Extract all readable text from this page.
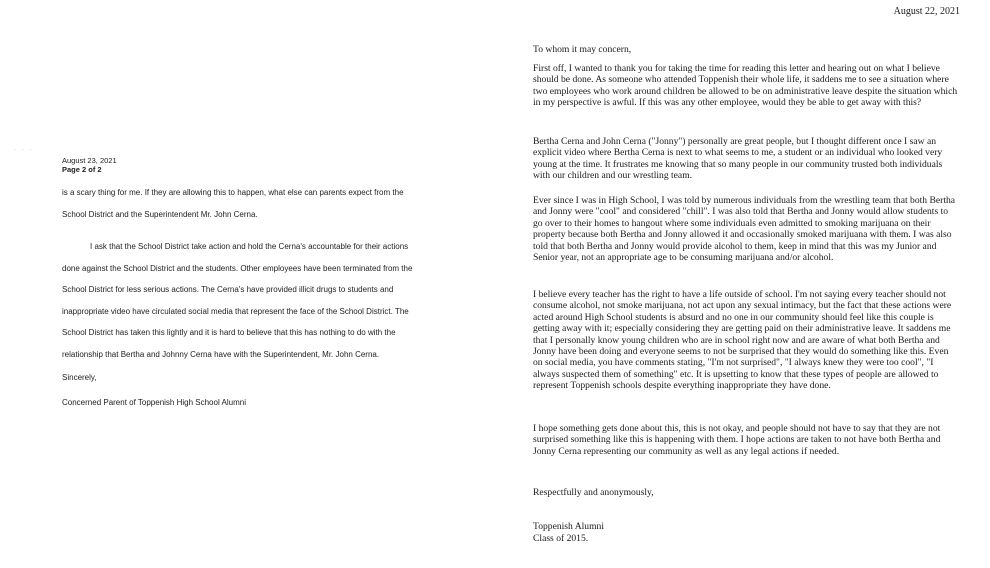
· · ·
August 23, 2021
Page 2 of 2

is a scary thing for me. If they are allowing this to happen, what else can parents expect from the

School District and the Superintendent Mr. John Cerna.

I ask that the School District take action and hold the Cerna's accountable for their actions

done against the School District and the students. Other employees have been terminated from the

School District for less serious actions. The Cerna's have provided illicit drugs to students and

inappropriate video have circulated social media that represent the face of the School District. The

School District has taken this lightly and it is hard to believe that this has nothing to do with the

relationship that Bertha and Johnny Cerna have with the Superintendent, Mr. John Cerna.

Sincerely,

Concerned Parent of Toppenish High School Alumni

August 22, 2021
To whom it may concern,

First off, I wanted to thank you for taking the time for reading this letter and hearing out on what I believe should be done. As someone who attended Toppenish their whole life, it saddens me to see a situation where two employees who work around children be allowed to be on administrative leave despite the situation which in my perspective is awful. If this was any other employee, would they be able to get away with this?

Bertha Cerna and John Cerna ("Jonny") personally are great people, but I thought different once I saw an explicit video where Bertha Cerna is next to what seems to me, a student or an individual who looked very young at the time. It frustrates me knowing that so many people in our community trusted both individuals with our children and our wrestling team.

Ever since I was in High School, I was told by numerous individuals from the wrestling team that both Bertha and Jonny were "cool" and considered "chill". I was also told that Bertha and Jonny would allow students to go over to their homes to hangout where some individuals even admitted to smoking marijuana on their property because both Bertha and Jonny allowed it and occasionally smoked marijuana with them. I was also told that both Bertha and Jonny would provide alcohol to them, keep in mind that this was my Junior and Senior year, not an appropriate age to be consuming marijuana and/or alcohol.

I believe every teacher has the right to have a life outside of school. I'm not saying every teacher should not consume alcohol, not smoke marijuana, not act upon any sexual intimacy, but the fact that these actions were acted around High School students is absurd and no one in our community should feel like this couple is getting away with it; especially considering they are getting paid on their administrative leave. It saddens me that I personally know young children who are in school right now and are aware of what both Bertha and Jonny have been doing and everyone seems to not be surprised that they would do something like this. Even on social media, you have comments stating, "I'm not surprised", "I always knew they were too cool", "I always suspected them of something" etc. It is upsetting to know that these types of people are allowed to represent Toppenish schools despite everything inappropriate they have done.

I hope something gets done about this, this is not okay, and people should not have to say that they are not surprised something like this is happening with them. I hope actions are taken to not have both Bertha and Jonny Cerna representing our community as well as any legal actions if needed.

Respectfully and anonymously,

Toppenish Alumni

Class of 2015.
